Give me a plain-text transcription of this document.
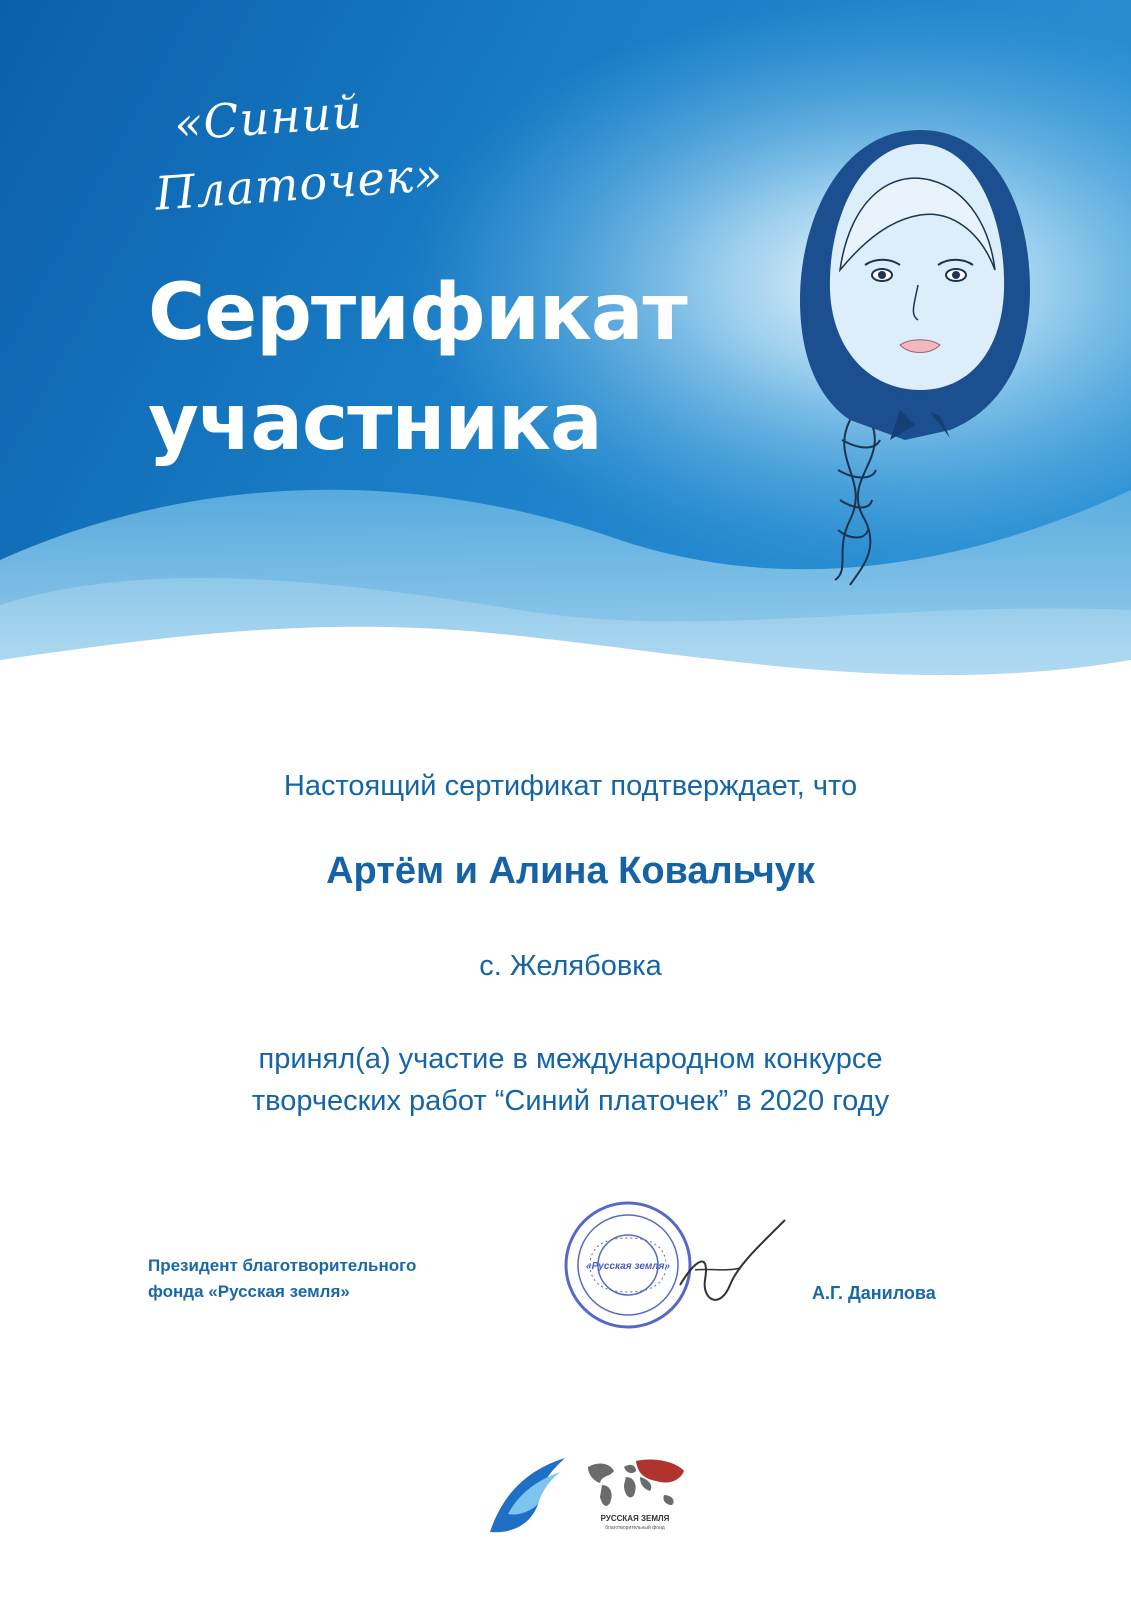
«Синий
Платочек»
Сертификат
участника
Настоящий сертификат подтверждает, что
Артём и Алина Ковальчук
с. Желябовка
принял(а) участие в международном конкурсе
творческих работ “Синий платочек” в 2020 году
Президент благотворительного
фонда «Русская земля»
«Русская земля»
А.Г. Данилова
РУССКАЯ ЗЕМЛЯ
благотворительный фонд
